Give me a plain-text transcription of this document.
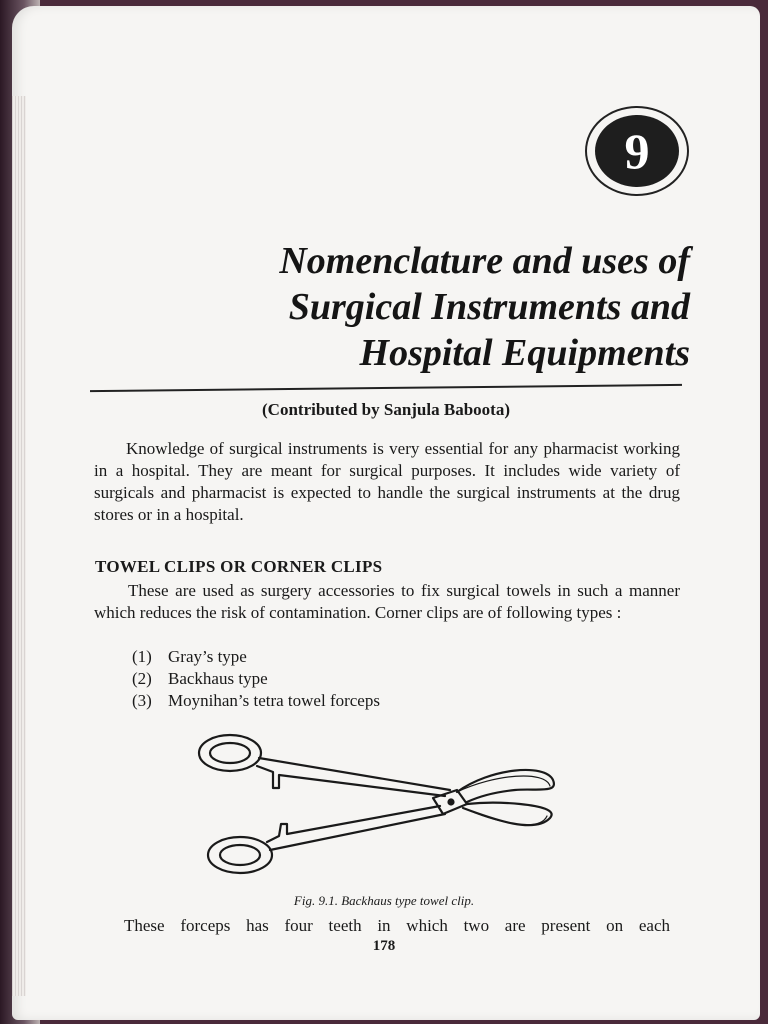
9
Nomenclature and uses of
Surgical Instruments and
Hospital Equipments
(Contributed by Sanjula Baboota)

Knowledge of surgical instruments is very essential for any pharmacist working in a hospital. They are meant for surgical purposes. It includes wide variety of surgicals and pharmacist is expected to handle the surgical instruments at the drug stores or in a hospital.

TOWEL CLIPS OR CORNER CLIPS

These are used as surgery accessories to fix surgical towels in such a manner which reduces the risk of contamination. Corner clips are of following types :

(1) Gray’s type
(2) Backhaus type
(3) Moynihan’s tetra towel forceps
Fig. 9.1. Backhaus type towel clip.
These forceps has four teeth in which two are present on each
178
